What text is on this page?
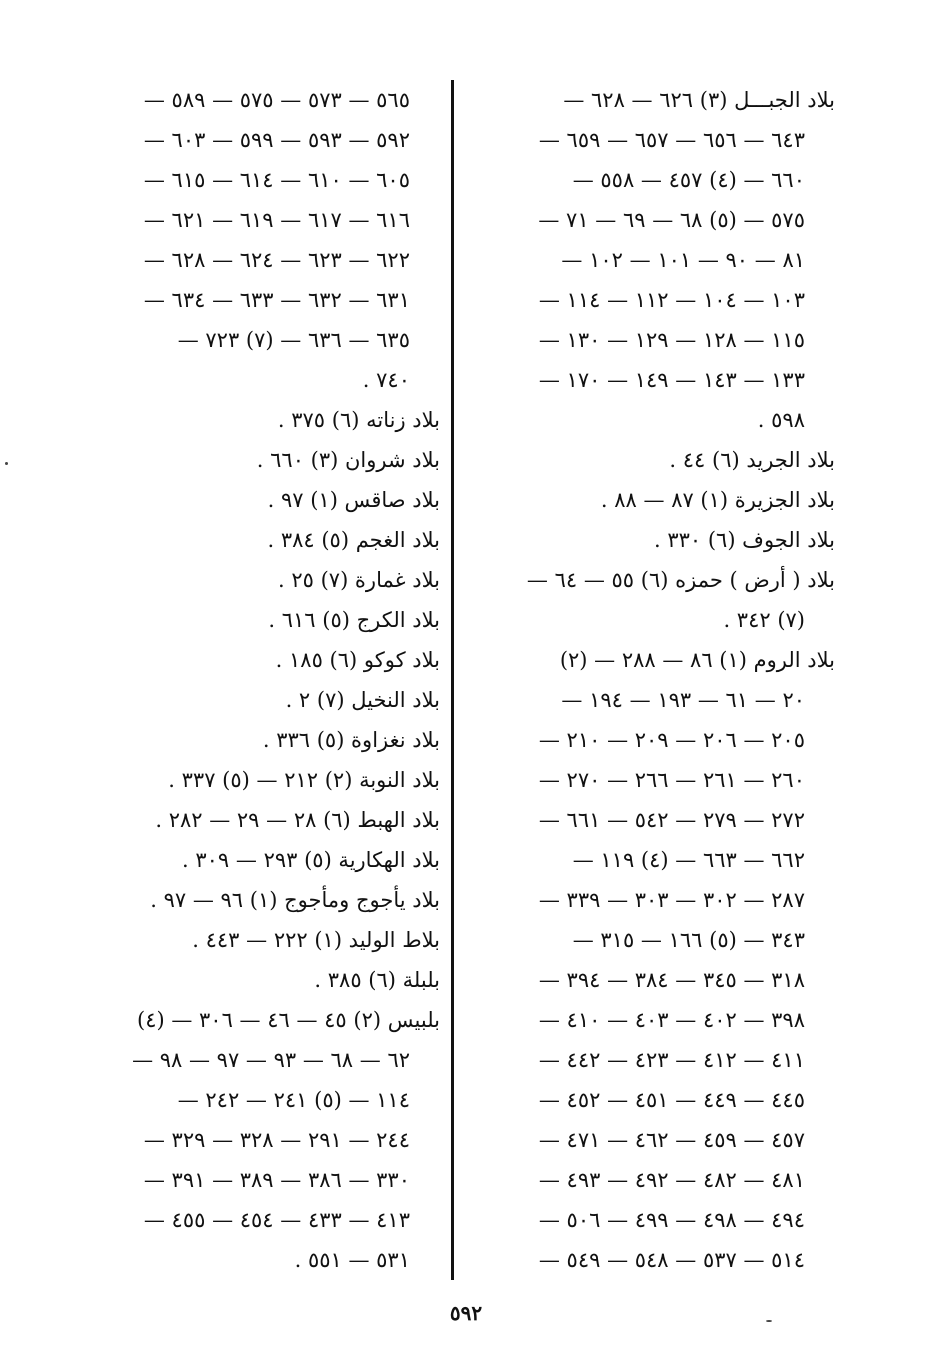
بلاد الجبـــل (٣) ٦٢٦ — ٦٢٨ —
٦٤٣ — ٦٥٦ — ٦٥٧ — ٦٥٩ —
٦٦٠ — (٤) ٤٥٧ — ٥٥٨ —
٥٧٥ — (٥) ٦٨ — ٦٩ — ٧١ —
٨١ — ٩٠ — ١٠١ — ١٠٢ —
١٠٣ — ١٠٤ — ١١٢ — ١١٤ —
١١٥ — ١٢٨ — ١٢٩ — ١٣٠ —
١٣٣ — ١٤٣ — ١٤٩ — ١٧٠ —
٥٩٨ .
بلاد الجريد (٦) ٤٤ .
بلاد الجزيرة (١) ٨٧ — ٨٨ .
بلاد الجوف (٦) ٣٣٠ .
بلاد ( أرض ) حمزه (٦) ٥٥ — ٦٤ —
(٧) ٣٤٢ .
بلاد الروم (١) ٨٦ — ٢٨٨ — (٢)
٢٠ — ٦١ — ١٩٣ — ١٩٤ —
٢٠٥ — ٢٠٦ — ٢٠٩ — ٢١٠ —
٢٦٠ — ٢٦١ — ٢٦٦ — ٢٧٠ —
٢٧٢ — ٢٧٩ — ٥٤٢ — ٦٦١ —
٦٦٢ — ٦٦٣ — (٤) ١١٩ —
٢٨٧ — ٣٠٢ — ٣٠٣ — ٣٣٩ —
٣٤٣ — (٥) ١٦٦ — ٣١٥ —
٣١٨ — ٣٤٥ — ٣٨٤ — ٣٩٤ —
٣٩٨ — ٤٠٢ — ٤٠٣ — ٤١٠ —
٤١١ — ٤١٢ — ٤٢٣ — ٤٤٢ —
٤٤٥ — ٤٤٩ — ٤٥١ — ٤٥٢ —
٤٥٧ — ٤٥٩ — ٤٦٢ — ٤٧١ —
٤٨١ — ٤٨٢ — ٤٩٢ — ٤٩٣ —
٤٩٤ — ٤٩٨ — ٤٩٩ — ٥٠٦ —
٥١٤ — ٥٣٧ — ٥٤٨ — ٥٤٩ —
٥٦٥ — ٥٧٣ — ٥٧٥ — ٥٨٩ —
٥٩٢ — ٥٩٣ — ٥٩٩ — ٦٠٣ —
٦٠٥ — ٦١٠ — ٦١٤ — ٦١٥ —
٦١٦ — ٦١٧ — ٦١٩ — ٦٢١ —
٦٢٢ — ٦٢٣ — ٦٢٤ — ٦٢٨ —
٦٣١ — ٦٣٢ — ٦٣٣ — ٦٣٤ —
٦٣٥ — ٦٣٦ — (٧) ٧٢٣ —
٧٤٠ .
بلاد زناته (٦) ٣٧٥ .
بلاد شروان (٣) ٦٦٠ .
بلاد صاقس (١) ٩٧ .
بلاد الغجم (٥) ٣٨٤ .
بلاد غمارة (٧) ٢٥ .
بلاد الكرج (٥) ٦١٦ .
بلاد كوكو (٦) ١٨٥ .
بلاد النخيل (٧) ٢ .
بلاد نغزاوة (٥) ٣٣٦ .
بلاد النوبة (٢) ٢١٢ — (٥) ٣٣٧ .
بلاد الهبط (٦) ٢٨ — ٢٩ — ٢٨٢ .
بلاد الهكارية (٥) ٢٩٣ — ٣٠٩ .
بلاد يأجوج ومأجوج (١) ٩٦ — ٩٧ .
بلاط الوليد (١) ٢٢٢ — ٤٤٣ .
بلبلة (٦) ٣٨٥ .
بلبيس (٢) ٤٥ — ٤٦ — ٣٠٦ — (٤)
٦٢ — ٦٨ — ٩٣ — ٩٧ — ٩٨ —
١١٤ — (٥) ٢٤١ — ٢٤٢ —
٢٤٤ — ٢٩١ — ٣٢٨ — ٣٢٩ —
٣٣٠ — ٣٨٦ — ٣٨٩ — ٣٩١ —
٤١٣ — ٤٣٣ — ٤٥٤ — ٤٥٥ —
٥٣١ — ٥٥١ .
٥٩٢
